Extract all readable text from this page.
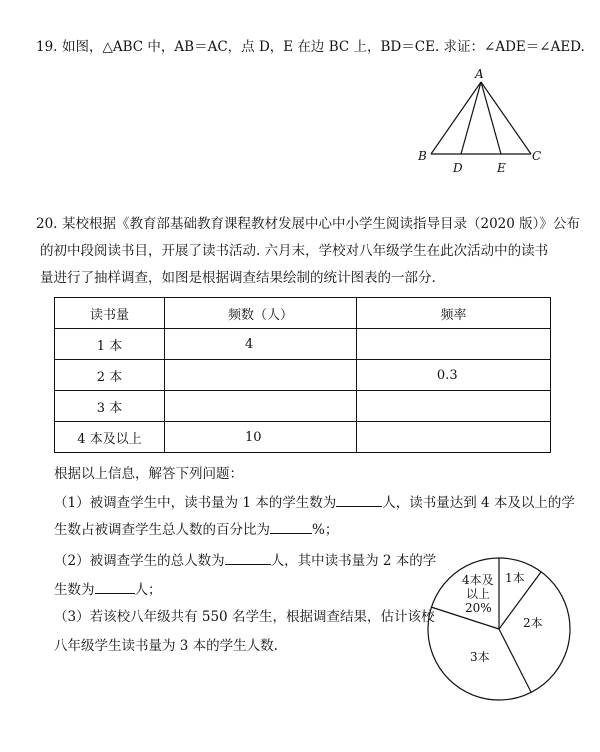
19. 如图，△ABC 中，AB＝AC，点 D，E 在边 BC 上，BD＝CE. 求证：∠ADE＝∠AED.
A
B	C
D	E
20. 某校根据《教育部基础教育课程教材发展中心中小学生阅读指导目录（2020 版）》公布
的初中段阅读书目，开展了读书活动. 六月末，学校对八年级学生在此次活动中的读书
量进行了抽样调查，如图是根据调查结果绘制的统计图表的一部分.
读书量	频数（人）	频率
1 本	4	
2 本		0.3
3 本		
4 本及以上	10	
根据以上信息，解答下列问题：
（1）被调查学生中，读书量为 1 本的学生数为	人，读书量达到 4 本及以上的学
生数占被调查学生总人数的百分比为	%；
（2）被调查学生的总人数为	人，其中读书量为 2 本的学
生数为	人；
（3）若该校八年级共有 550 名学生，根据调查结果，估计该校
八年级学生读书量为 3 本的学生人数.
1本
2本
3本
4本及
以上
20%
